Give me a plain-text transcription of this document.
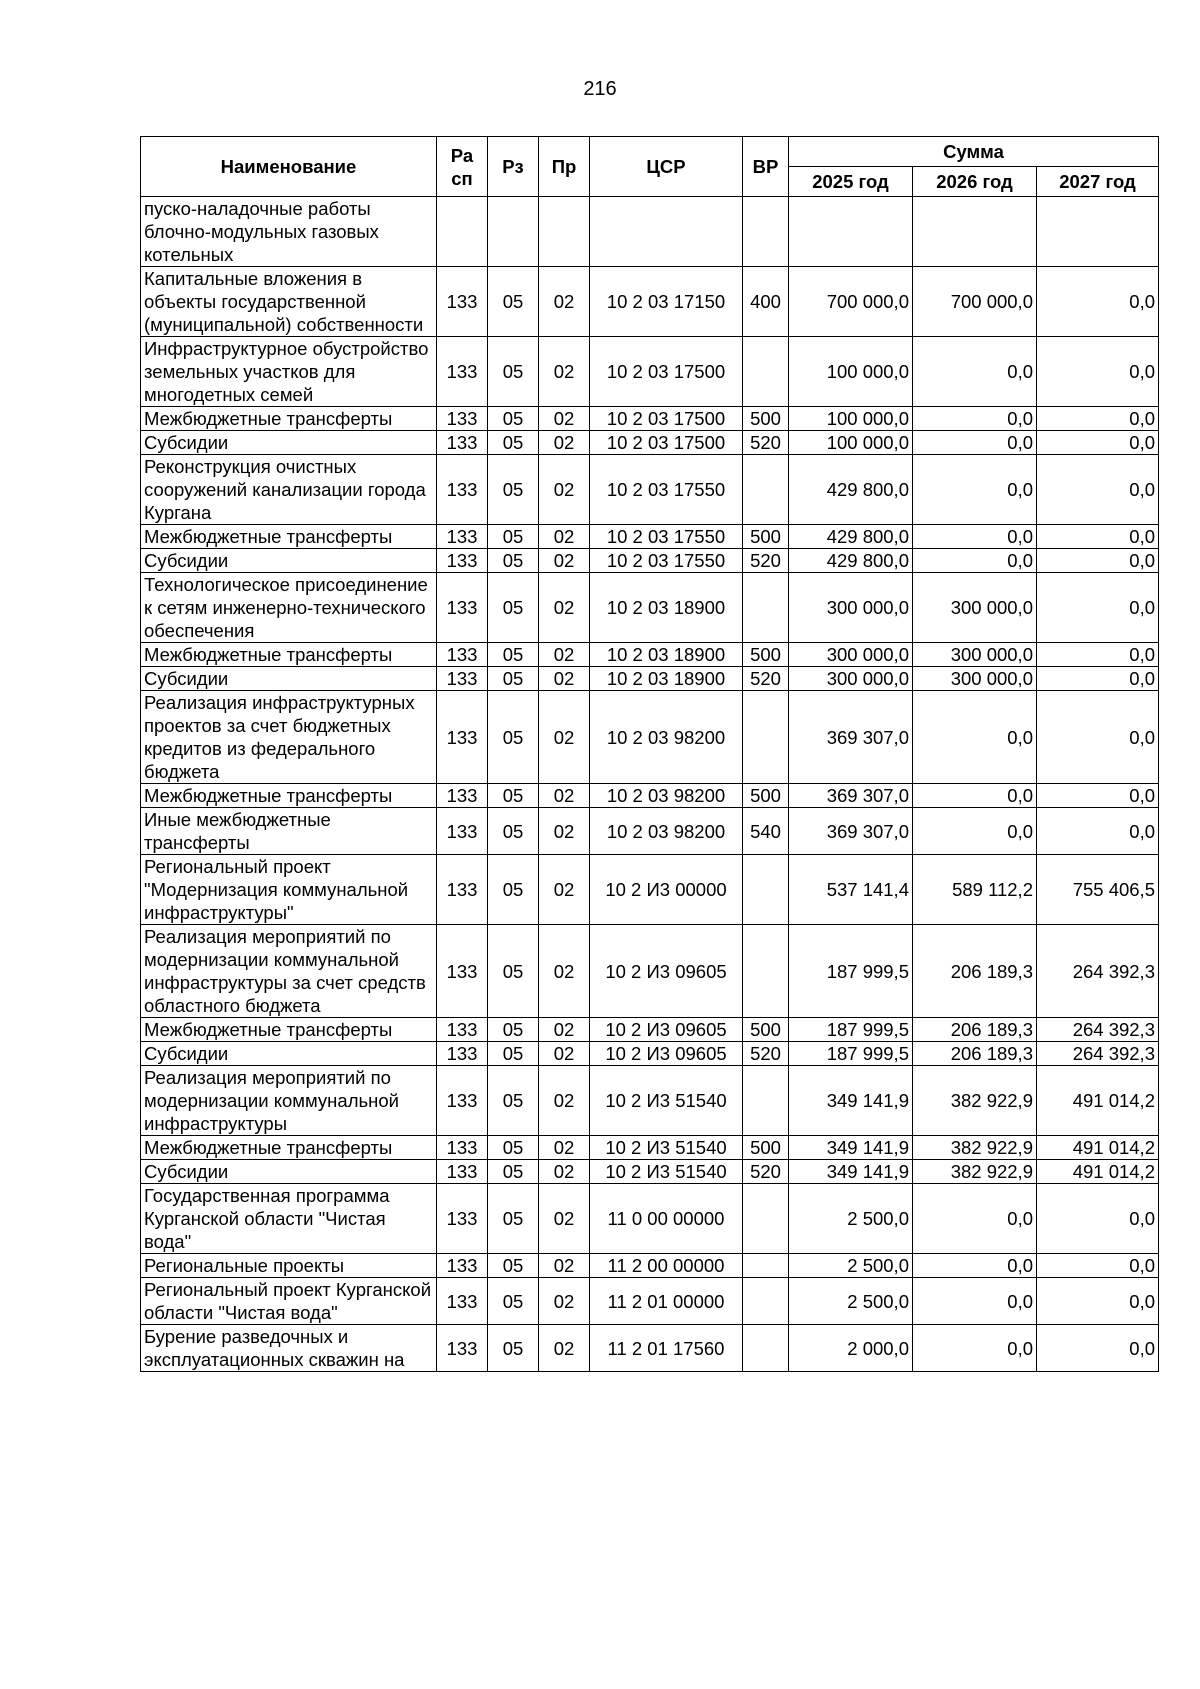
216
Наименование	Ра сп	Рз	Пр	ЦСР	ВР	Сумма		
						2025 год	2026 год	2027 год
пуско-наладочные работы блочно-модульных газовых котельных								
Капитальные вложения в объекты государственной (муниципальной) собственности	133	05	02	10 2 03 17150	400	700 000,0	700 000,0	0,0
Инфраструктурное обустройство земельных участков для многодетных семей	133	05	02	10 2 03 17500		100 000,0	0,0	0,0
Межбюджетные трансферты	133	05	02	10 2 03 17500	500	100 000,0	0,0	0,0
Субсидии	133	05	02	10 2 03 17500	520	100 000,0	0,0	0,0
Реконструкция очистных сооружений канализации города Кургана	133	05	02	10 2 03 17550		429 800,0	0,0	0,0
Межбюджетные трансферты	133	05	02	10 2 03 17550	500	429 800,0	0,0	0,0
Субсидии	133	05	02	10 2 03 17550	520	429 800,0	0,0	0,0
Технологическое присоединение к сетям инженерно-технического обеспечения	133	05	02	10 2 03 18900		300 000,0	300 000,0	0,0
Межбюджетные трансферты	133	05	02	10 2 03 18900	500	300 000,0	300 000,0	0,0
Субсидии	133	05	02	10 2 03 18900	520	300 000,0	300 000,0	0,0
Реализация инфраструктурных проектов за счет бюджетных кредитов из федерального бюджета	133	05	02	10 2 03 98200		369 307,0	0,0	0,0
Межбюджетные трансферты	133	05	02	10 2 03 98200	500	369 307,0	0,0	0,0
Иные межбюджетные трансферты	133	05	02	10 2 03 98200	540	369 307,0	0,0	0,0
Региональный проект "Модернизация коммунальной инфраструктуры"	133	05	02	10 2 И3 00000		537 141,4	589 112,2	755 406,5
Реализация мероприятий по модернизации коммунальной инфраструктуры за счет средств областного бюджета	133	05	02	10 2 И3 09605		187 999,5	206 189,3	264 392,3
Межбюджетные трансферты	133	05	02	10 2 И3 09605	500	187 999,5	206 189,3	264 392,3
Субсидии	133	05	02	10 2 И3 09605	520	187 999,5	206 189,3	264 392,3
Реализация мероприятий по модернизации коммунальной инфраструктуры	133	05	02	10 2 И3 51540		349 141,9	382 922,9	491 014,2
Межбюджетные трансферты	133	05	02	10 2 И3 51540	500	349 141,9	382 922,9	491 014,2
Субсидии	133	05	02	10 2 И3 51540	520	349 141,9	382 922,9	491 014,2
Государственная программа Курганской области "Чистая вода"	133	05	02	11 0 00 00000		2 500,0	0,0	0,0
Региональные проекты	133	05	02	11 2 00 00000		2 500,0	0,0	0,0
Региональный проект Курганской области "Чистая вода"	133	05	02	11 2 01 00000		2 500,0	0,0	0,0
Бурение разведочных и эксплуатационных скважин на	133	05	02	11 2 01 17560		2 000,0	0,0	0,0
